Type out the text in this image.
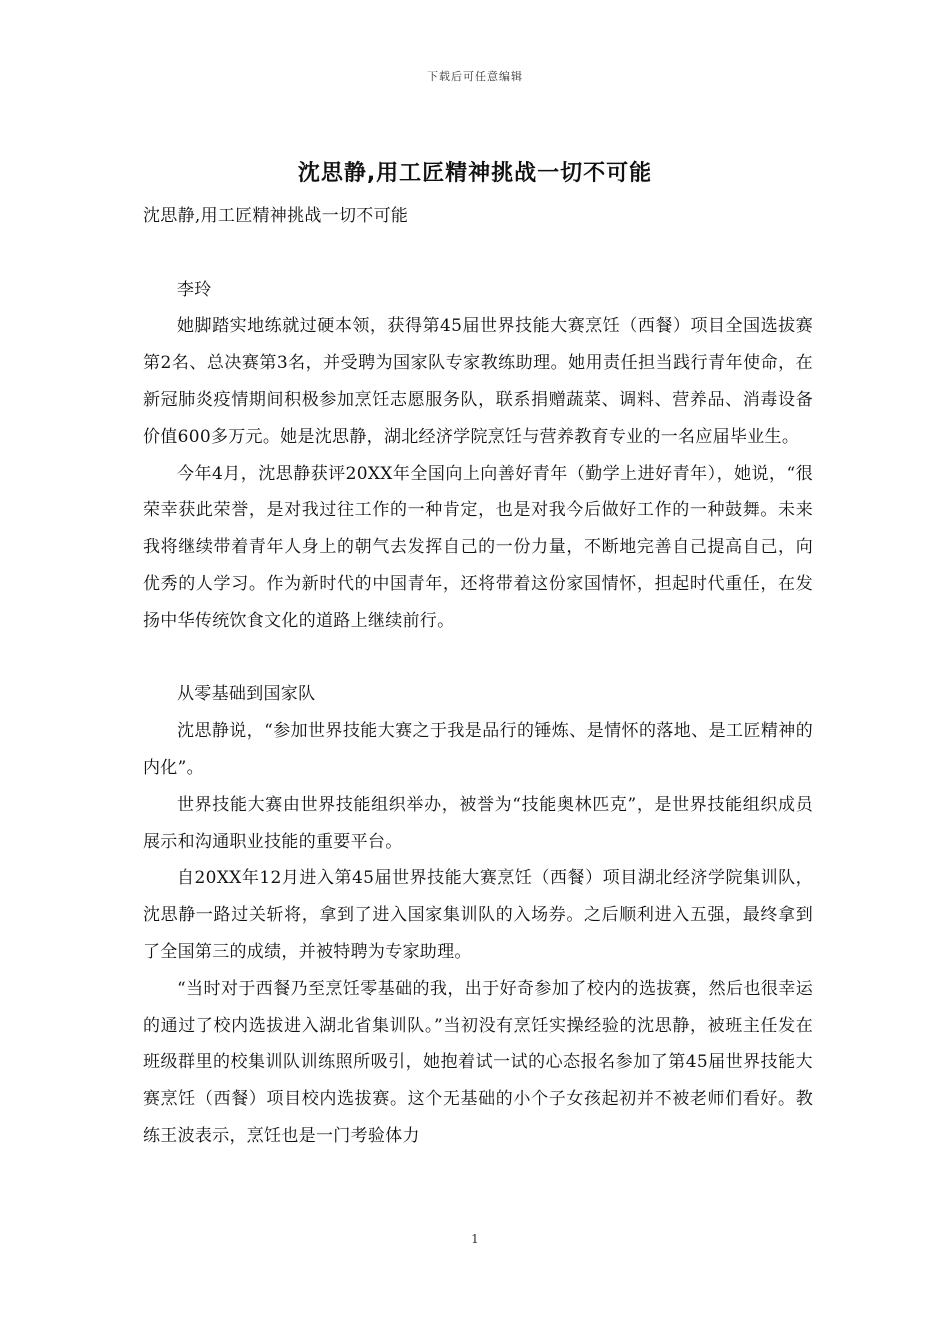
下载后可任意编辑
沈思静,用工匠精神挑战一切不可能

沈思静,用工匠精神挑战一切不可能

李玲

她脚踏实地练就过硬本领，获得第45届世界技能大赛烹饪（西餐）项目全国选拔赛第2名、总决赛第3名，并受聘为国家队专家教练助理。她用责任担当践行青年使命，在新冠肺炎疫情期间积极参加烹饪志愿服务队，联系捐赠蔬菜、调料、营养品、消毒设备价值600多万元。她是沈思静，湖北经济学院烹饪与营养教育专业的一名应届毕业生。

今年4月，沈思静获评20XX年全国向上向善好青年（勤学上进好青年），她说，“很荣幸获此荣誉，是对我过往工作的一种肯定，也是对我今后做好工作的一种鼓舞。未来我将继续带着青年人身上的朝气去发挥自己的一份力量，不断地完善自己提高自己，向优秀的人学习。作为新时代的中国青年，还将带着这份家国情怀，担起时代重任，在发扬中华传统饮食文化的道路上继续前行。

从零基础到国家队

沈思静说，“参加世界技能大赛之于我是品行的锤炼、是情怀的落地、是工匠精神的内化”。

世界技能大赛由世界技能组织举办，被誉为“技能奥林匹克”，是世界技能组织成员展示和沟通职业技能的重要平台。

自20XX年12月进入第45届世界技能大赛烹饪（西餐）项目湖北经济学院集训队，沈思静一路过关斩将，拿到了进入国家集训队的入场券。之后顺利进入五强，最终拿到了全国第三的成绩，并被特聘为专家助理。

“当时对于西餐乃至烹饪零基础的我，出于好奇参加了校内的选拔赛，然后也很幸运的通过了校内选拔进入湖北省集训队。”当初没有烹饪实操经验的沈思静，被班主任发在班级群里的校集训队训练照所吸引，她抱着试一试的心态报名参加了第45届世界技能大赛烹饪（西餐）项目校内选拔赛。这个无基础的小个子女孩起初并不被老师们看好。教练王波表示，烹饪也是一门考验体力

1
